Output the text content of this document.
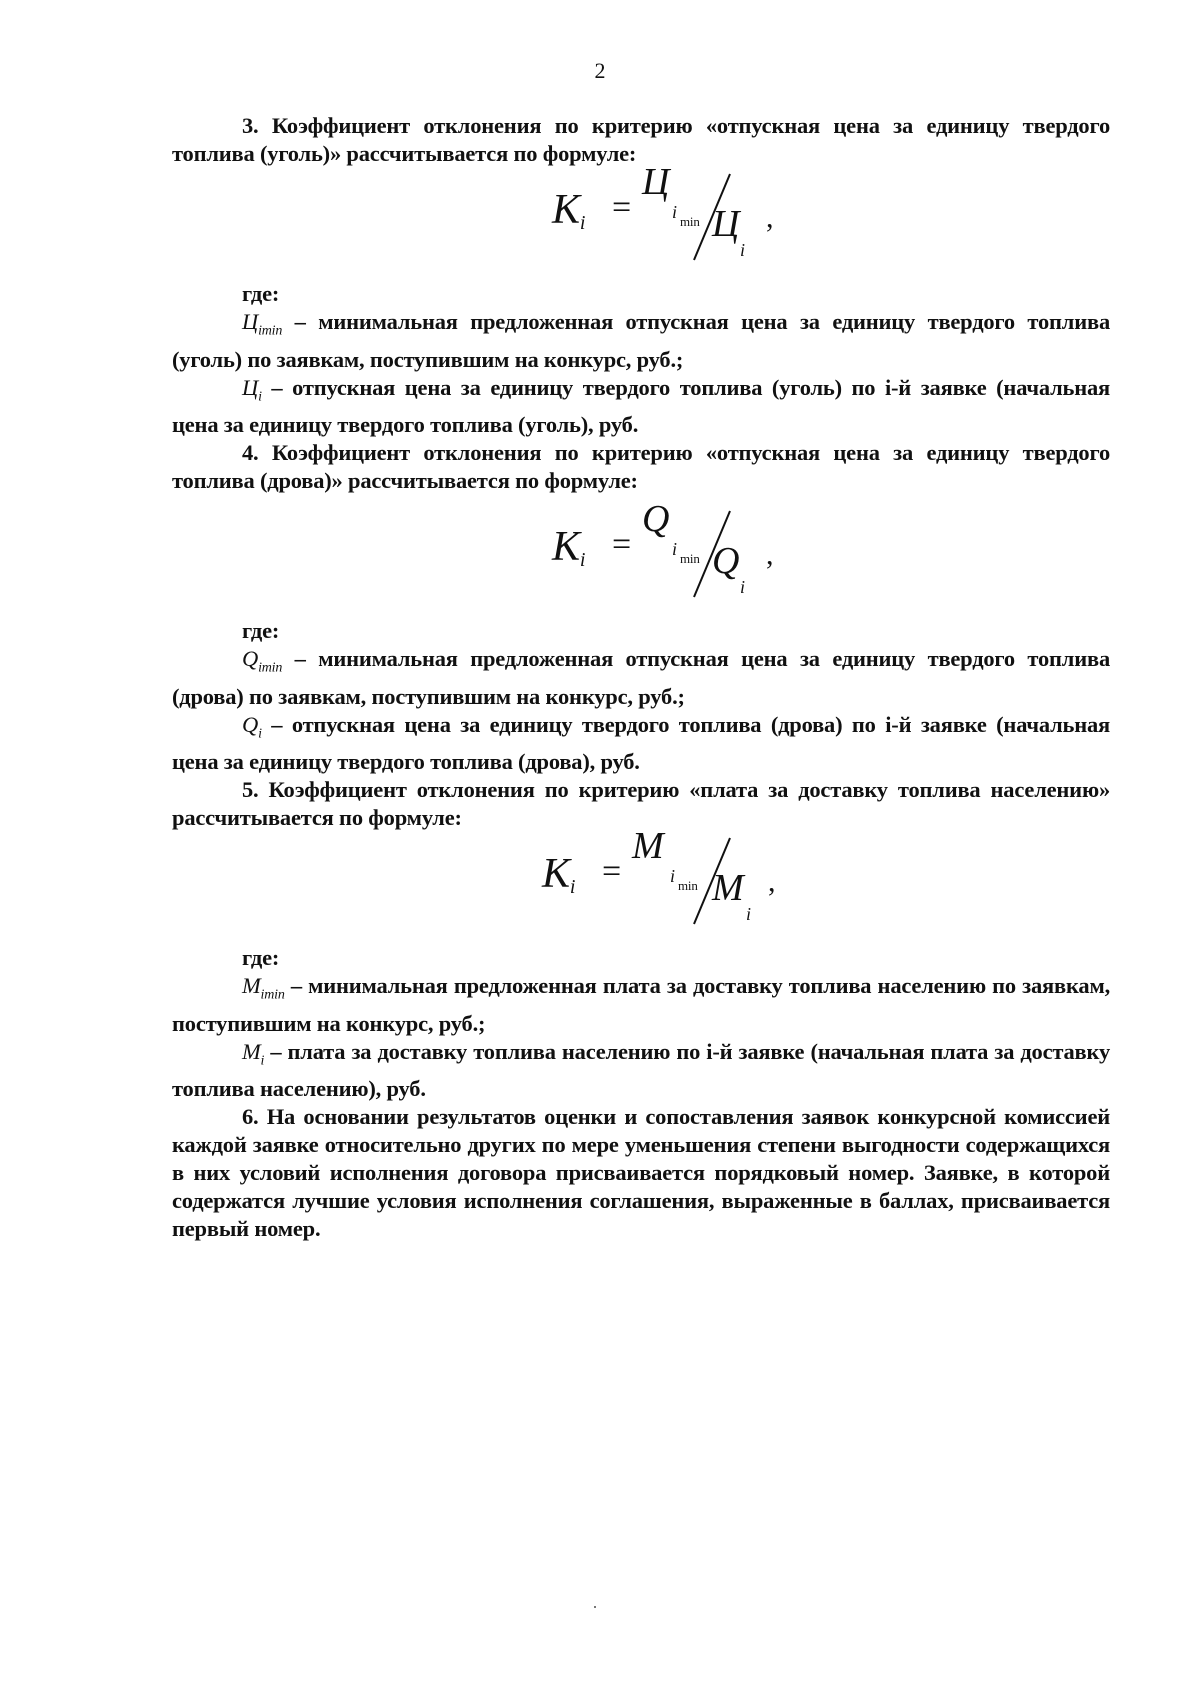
2

3. Коэффициент отклонения по критерию «отпускная цена за единицу твердого топлива (уголь)» рассчитывается по формуле:

$K_i$ =
Ц
i min Ц
i
,

где:

$Ц_{imin}$ – минимальная предложенная отпускная цена за единицу твердого топлива (уголь) по заявкам, поступившим на конкурс, руб.;

$Ц_i$ – отпускная цена за единицу твердого топлива (уголь) по i-й заявке (начальная цена за единицу твердого топлива (уголь), руб.

4. Коэффициент отклонения по критерию «отпускная цена за единицу твердого топлива (дрова)» рассчитывается по формуле:

$K_i$ =
Q
i min Q
i
,

где:

$Q_{imin}$ – минимальная предложенная отпускная цена за единицу твердого топлива (дрова) по заявкам, поступившим на конкурс, руб.;

$Q_i$ – отпускная цена за единицу твердого топлива (дрова) по i-й заявке (начальная цена за единицу твердого топлива (дрова), руб.

5. Коэффициент отклонения по критерию «плата за доставку топлива населению» рассчитывается по формуле:

$K_i$ =
M
i min M
i
,

где:

$M_{imin}$ – минимальная предложенная плата за доставку топлива населению по заявкам, поступившим на конкурс, руб.;

$M_i$ – плата за доставку топлива населению по i-й заявке (начальная плата за доставку топлива населению), руб.

6. На основании результатов оценки и сопоставления заявок конкурсной комиссией каждой заявке относительно других по мере уменьшения степени выгодности содержащихся в них условий исполнения договора присваивается порядковый номер. Заявке, в которой содержатся лучшие условия исполнения соглашения, выраженные в баллах, присваивается первый номер.
